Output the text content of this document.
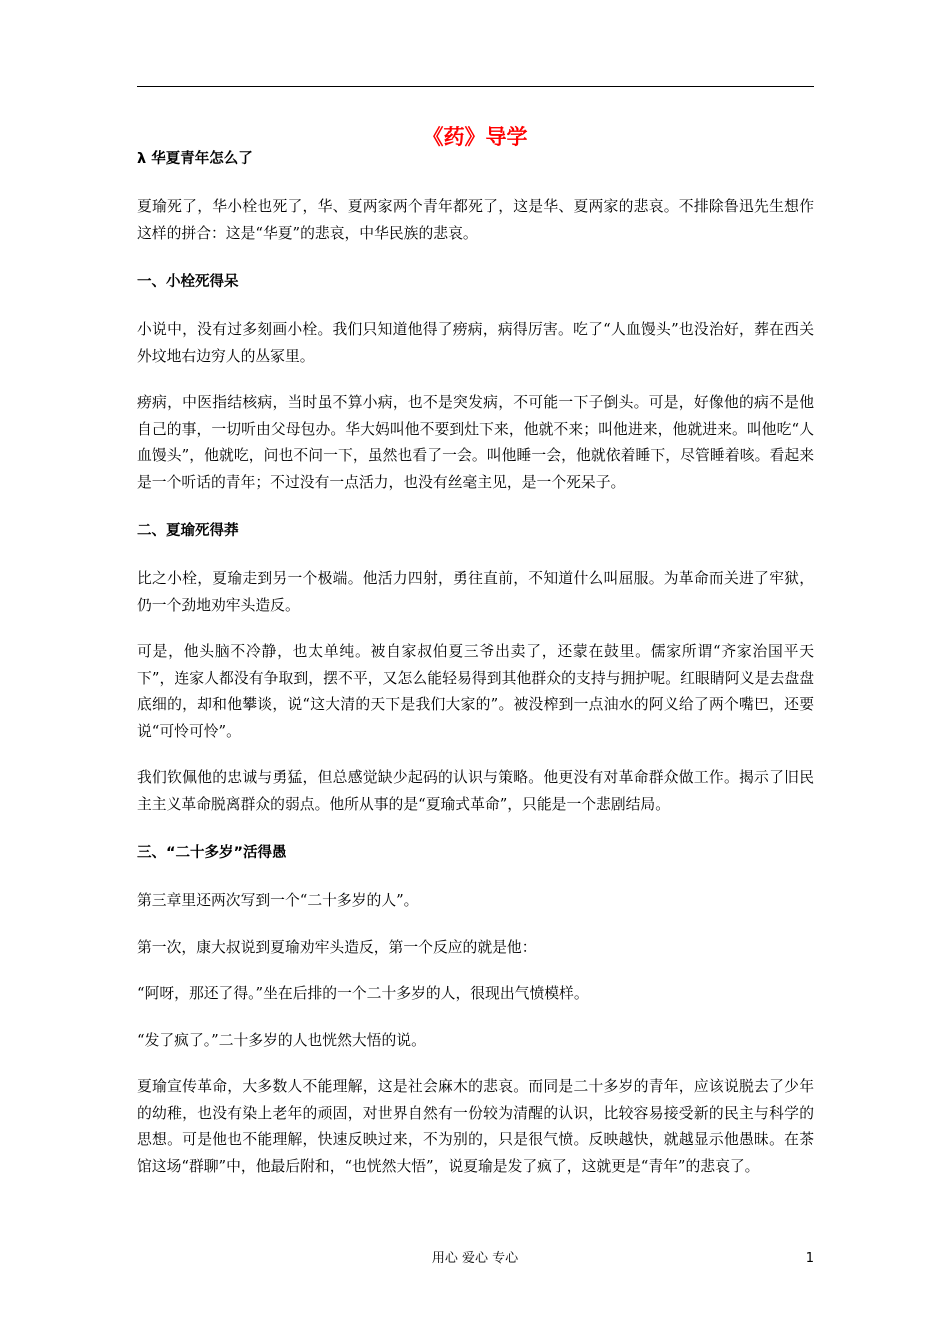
《药》导学

λ 华夏青年怎么了

夏瑜死了，华小栓也死了，华、夏两家两个青年都死了，这是华、夏两家的悲哀。不排除鲁迅先生想作这样的拼合：这是“华夏”的悲哀，中华民族的悲哀。

一、小栓死得呆

小说中，没有过多刻画小栓。我们只知道他得了痨病，病得厉害。吃了“人血馒头”也没治好，葬在西关外坟地右边穷人的丛冢里。

痨病，中医指结核病，当时虽不算小病，也不是突发病，不可能一下子倒头。可是，好像他的病不是他自己的事，一切听由父母包办。华大妈叫他不要到灶下来，他就不来；叫他进来，他就进来。叫他吃“人血馒头”，他就吃，问也不问一下，虽然也看了一会。叫他睡一会，他就依着睡下，尽管睡着咳。看起来是一个听话的青年；不过没有一点活力，也没有丝毫主见，是一个死呆子。

二、夏瑜死得莽

比之小栓，夏瑜走到另一个极端。他活力四射，勇往直前，不知道什么叫屈服。为革命而关进了牢狱，仍一个劲地劝牢头造反。

可是，他头脑不冷静，也太单纯。被自家叔伯夏三爷出卖了，还蒙在鼓里。儒家所谓“齐家治国平天下”，连家人都没有争取到，摆不平，又怎么能轻易得到其他群众的支持与拥护呢。红眼睛阿义是去盘盘底细的，却和他攀谈，说“这大清的天下是我们大家的”。被没榨到一点油水的阿义给了两个嘴巴，还要说“可怜可怜”。

我们钦佩他的忠诚与勇猛，但总感觉缺少起码的认识与策略。他更没有对革命群众做工作。揭示了旧民主主义革命脱离群众的弱点。他所从事的是“夏瑜式革命”，只能是一个悲剧结局。

三、“二十多岁”活得愚

第三章里还两次写到一个“二十多岁的人”。

第一次，康大叔说到夏瑜劝牢头造反，第一个反应的就是他：

“阿呀，那还了得。”坐在后排的一个二十多岁的人，很现出气愤模样。

“发了疯了。”二十多岁的人也恍然大悟的说。

夏瑜宣传革命，大多数人不能理解，这是社会麻木的悲哀。而同是二十多岁的青年，应该说脱去了少年的幼稚，也没有染上老年的顽固，对世界自然有一份较为清醒的认识，比较容易接受新的民主与科学的思想。可是他也不能理解，快速反映过来，不为别的，只是很气愤。反映越快，就越显示他愚昧。在茶馆这场“群聊”中，他最后附和，“也恍然大悟”，说夏瑜是发了疯了，这就更是“青年”的悲哀了。

用心 爱心 专心	1
